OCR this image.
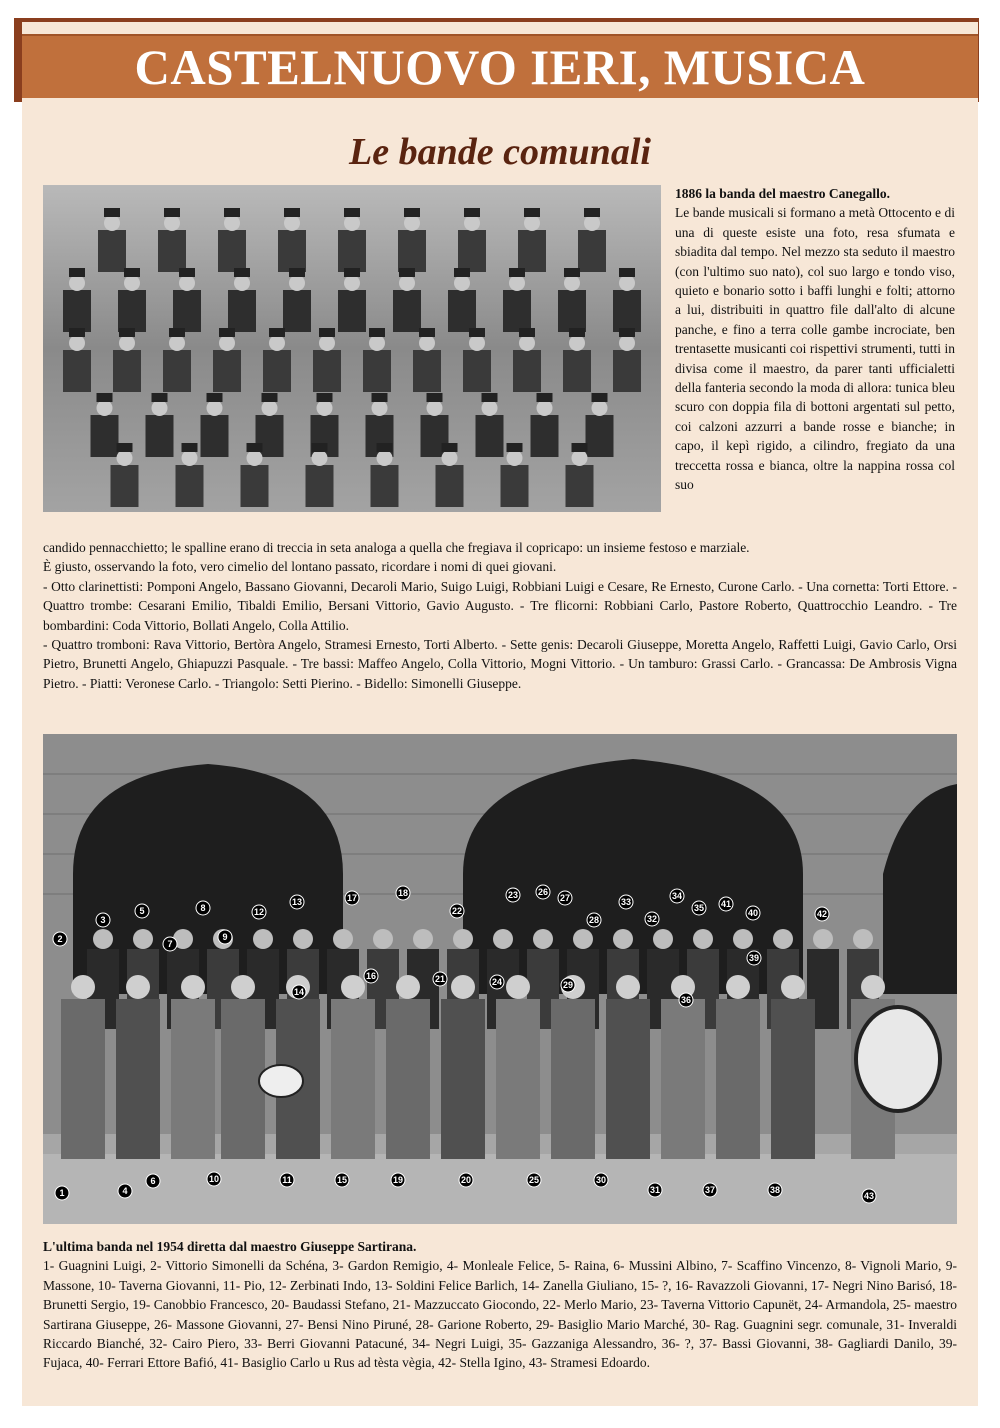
CASTELNUOVO IERI, MUSICA
Le bande comunali
1886 la banda del maestro Canegallo.
Le bande musicali si formano a metà Ottocento e di una di queste esiste una foto, resa sfumata e sbiadita dal tempo. Nel mezzo sta seduto il maestro (con l'ultimo suo nato), col suo largo e tondo viso, quieto e bonario sotto i baffi lunghi e folti; attorno a lui, distribuiti in quattro file dall'alto di alcune panche, e fino a terra colle gambe incrociate, ben trentasette musicanti coi rispettivi strumenti, tutti in divisa come il maestro, da parer tanti ufficialetti della fanteria secondo la moda di allora: tunica bleu scuro con doppia fila di bottoni argentati sul petto, coi calzoni azzurri a bande rosse e bianche; in capo, il kepì rigido, a cilindro, fregiato da una treccetta rossa e bianca, oltre la nappina rossa col suo

candido pennacchietto; le spalline erano di treccia in seta analoga a quella che fregiava il copricapo: un insieme festoso e marziale.

È giusto, osservando la foto, vero cimelio del lontano passato, ricordare i nomi di quei giovani.

- Otto clarinettisti: Pomponi Angelo, Bassano Giovanni, Decaroli Mario, Suigo Luigi, Robbiani Luigi e Cesare, Re Ernesto, Curone Carlo. - Una cornetta: Torti Ettore. - Quattro trombe: Cesarani Emilio, Tibaldi Emilio, Bersani Vittorio, Gavio Augusto. - Tre flicorni: Robbiani Carlo, Pastore Roberto, Quattrocchio Leandro. - Tre bombardini: Coda Vittorio, Bollati Angelo, Colla Attilio.

- Quattro tromboni: Rava Vittorio, Bertòra Angelo, Stramesi Ernesto, Torti Alberto. - Sette genis: Decaroli Giuseppe, Moretta Angelo, Raffetti Luigi, Gavio Carlo, Orsi Pietro, Brunetti Angelo, Ghiapuzzi Pasquale. - Tre bassi: Maffeo Angelo, Colla Vittorio, Mogni Vittorio. - Un tamburo: Grassi Carlo. - Grancassa: De Ambrosis Vigna Pietro. - Piatti: Veronese Carlo. - Triangolo: Setti Pierino. - Bidello: Simonelli Giuseppe.

1
2
3
4
5
6
7
8
9
10	11
12
13
14
15
16
17	18
19	20
21
22
23
24
25
26
27
28
29
30
31
32
33
34
35
36
37	38
39
40
41
42
43

L'ultima banda nel 1954 diretta dal maestro Giuseppe Sartirana.
1- Guagnini Luigi, 2- Vittorio Simonelli da Schéna, 3- Gardon Remigio, 4- Monleale Felice, 5- Raina, 6- Mussini Albino, 7- Scaffino Vincenzo, 8- Vignoli Mario, 9- Massone, 10- Taverna Giovanni, 11- Pio, 12- Zerbinati Indo, 13- Soldini Felice Barlich, 14- Zanella Giuliano, 15- ?, 16- Ravazzoli Giovanni, 17- Negri Nino Barisó, 18- Brunetti Sergio, 19- Canobbio Francesco, 20- Baudassi Stefano, 21- Mazzuccato Giocondo, 22- Merlo Mario, 23- Taverna Vittorio Capunët, 24- Armandola, 25- maestro Sartirana Giuseppe, 26- Massone Giovanni, 27- Bensi Nino Piruné, 28- Garione Roberto, 29- Basiglio Mario Marché, 30- Rag. Guagnini segr. comunale, 31- Inveraldi Riccardo Bianché, 32- Cairo Piero, 33- Berri Giovanni Patacuné, 34- Negri Luigi, 35- Gazzaniga Alessandro, 36- ?, 37- Bassi Giovanni, 38- Gagliardi Danilo, 39- Fujaca, 40- Ferrari Ettore Bafió, 41- Basiglio Carlo u Rus ad tèsta vègia, 42- Stella Igino, 43- Stramesi Edoardo.
